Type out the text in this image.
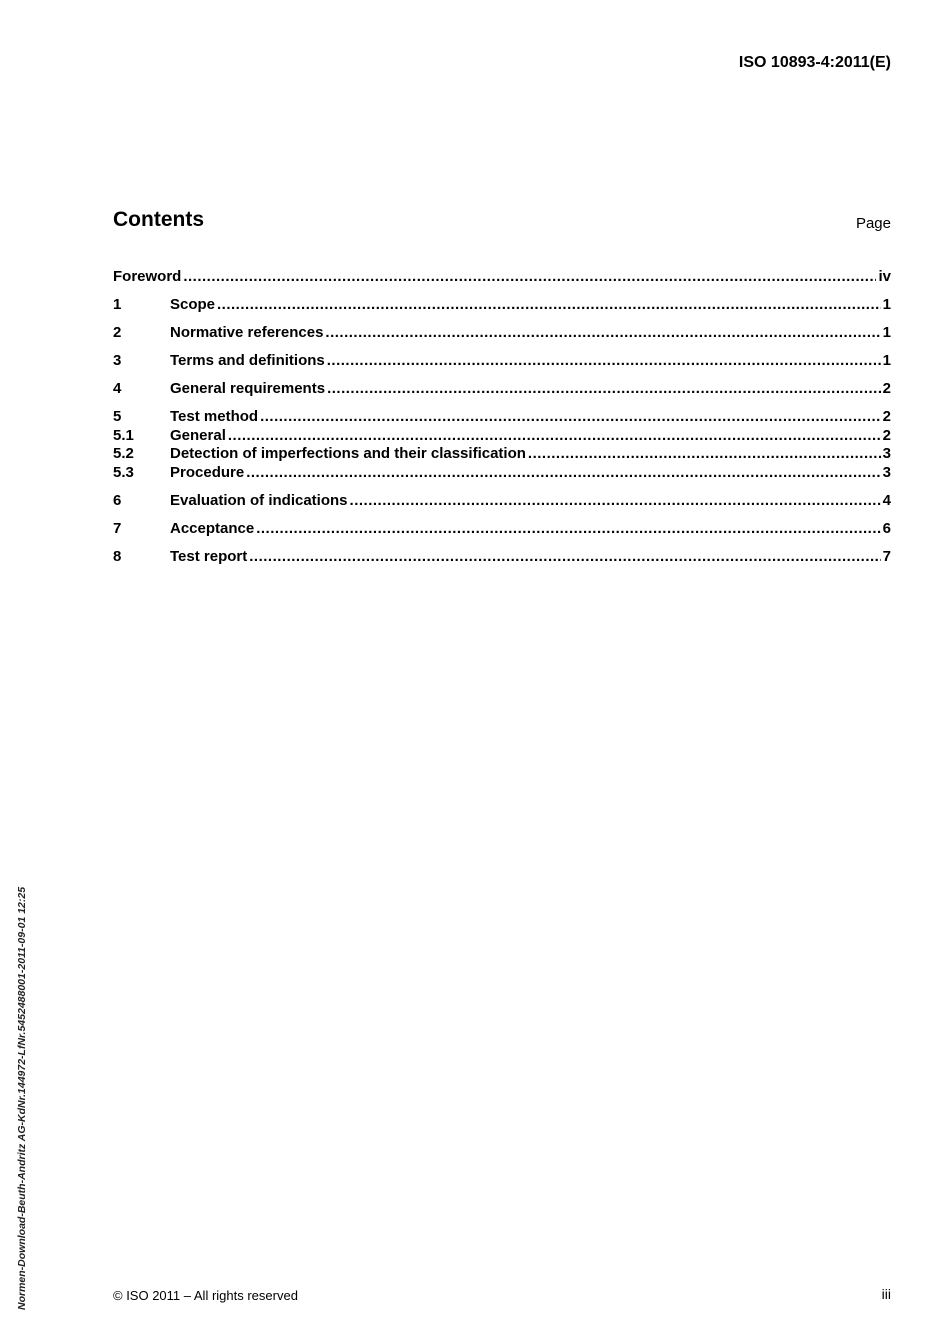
ISO 10893-4:2011(E)
Contents	Page
Foreword .....	iv
1	Scope .....	1
2	Normative references .....	1
3	Terms and definitions .....	1
4	General requirements .....	2
5	Test method .....	2
5.1	General .....	2
5.2	Detection of imperfections and their classification .....	3
5.3	Procedure .....	3
6	Evaluation of indications .....	4
7	Acceptance .....	6
8	Test report .....	7
Normen-Download-Beuth-Andritz AG-KdNr.144972-LfNr.5452488001-2011-09-01 12:25	© ISO 2011 – All rights reserved	iii
